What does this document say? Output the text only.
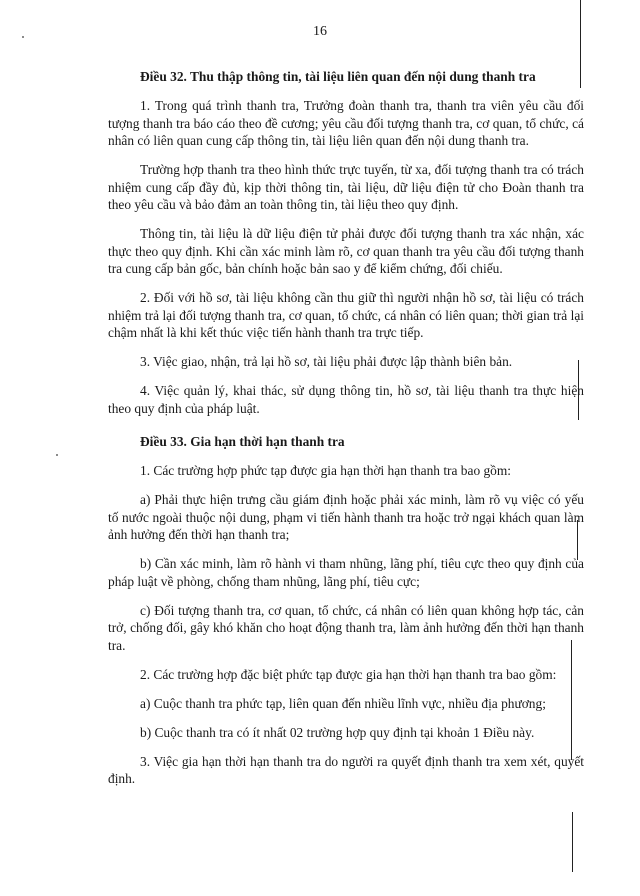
16
Điều 32. Thu thập thông tin, tài liệu liên quan đến nội dung thanh tra

1. Trong quá trình thanh tra, Trưởng đoàn thanh tra, thanh tra viên yêu cầu đối tượng thanh tra báo cáo theo đề cương; yêu cầu đối tượng thanh tra, cơ quan, tổ chức, cá nhân có liên quan cung cấp thông tin, tài liệu liên quan đến nội dung thanh tra.

Trường hợp thanh tra theo hình thức trực tuyến, từ xa, đối tượng thanh tra có trách nhiệm cung cấp đầy đủ, kịp thời thông tin, tài liệu, dữ liệu điện tử cho Đoàn thanh tra theo yêu cầu và bảo đảm an toàn thông tin, tài liệu theo quy định.

Thông tin, tài liệu là dữ liệu điện tử phải được đối tượng thanh tra xác nhận, xác thực theo quy định. Khi cần xác minh làm rõ, cơ quan thanh tra yêu cầu đối tượng thanh tra cung cấp bản gốc, bản chính hoặc bản sao y để kiểm chứng, đối chiếu.

2. Đối với hồ sơ, tài liệu không cần thu giữ thì người nhận hồ sơ, tài liệu có trách nhiệm trả lại đối tượng thanh tra, cơ quan, tổ chức, cá nhân có liên quan; thời gian trả lại chậm nhất là khi kết thúc việc tiến hành thanh tra trực tiếp.

3. Việc giao, nhận, trả lại hồ sơ, tài liệu phải được lập thành biên bản.

4. Việc quản lý, khai thác, sử dụng thông tin, hồ sơ, tài liệu thanh tra thực hiện theo quy định của pháp luật.

Điều 33. Gia hạn thời hạn thanh tra

1. Các trường hợp phức tạp được gia hạn thời hạn thanh tra bao gồm:

a) Phải thực hiện trưng cầu giám định hoặc phải xác minh, làm rõ vụ việc có yếu tố nước ngoài thuộc nội dung, phạm vi tiến hành thanh tra hoặc trở ngại khách quan làm ảnh hưởng đến thời hạn thanh tra;

b) Cần xác minh, làm rõ hành vi tham nhũng, lãng phí, tiêu cực theo quy định của pháp luật về phòng, chống tham nhũng, lãng phí, tiêu cực;

c) Đối tượng thanh tra, cơ quan, tổ chức, cá nhân có liên quan không hợp tác, cản trở, chống đối, gây khó khăn cho hoạt động thanh tra, làm ảnh hưởng đến thời hạn thanh tra.

2. Các trường hợp đặc biệt phức tạp được gia hạn thời hạn thanh tra bao gồm:

a) Cuộc thanh tra phức tạp, liên quan đến nhiều lĩnh vực, nhiều địa phương;

b) Cuộc thanh tra có ít nhất 02 trường hợp quy định tại khoản 1 Điều này.

3. Việc gia hạn thời hạn thanh tra do người ra quyết định thanh tra xem xét, quyết định.
